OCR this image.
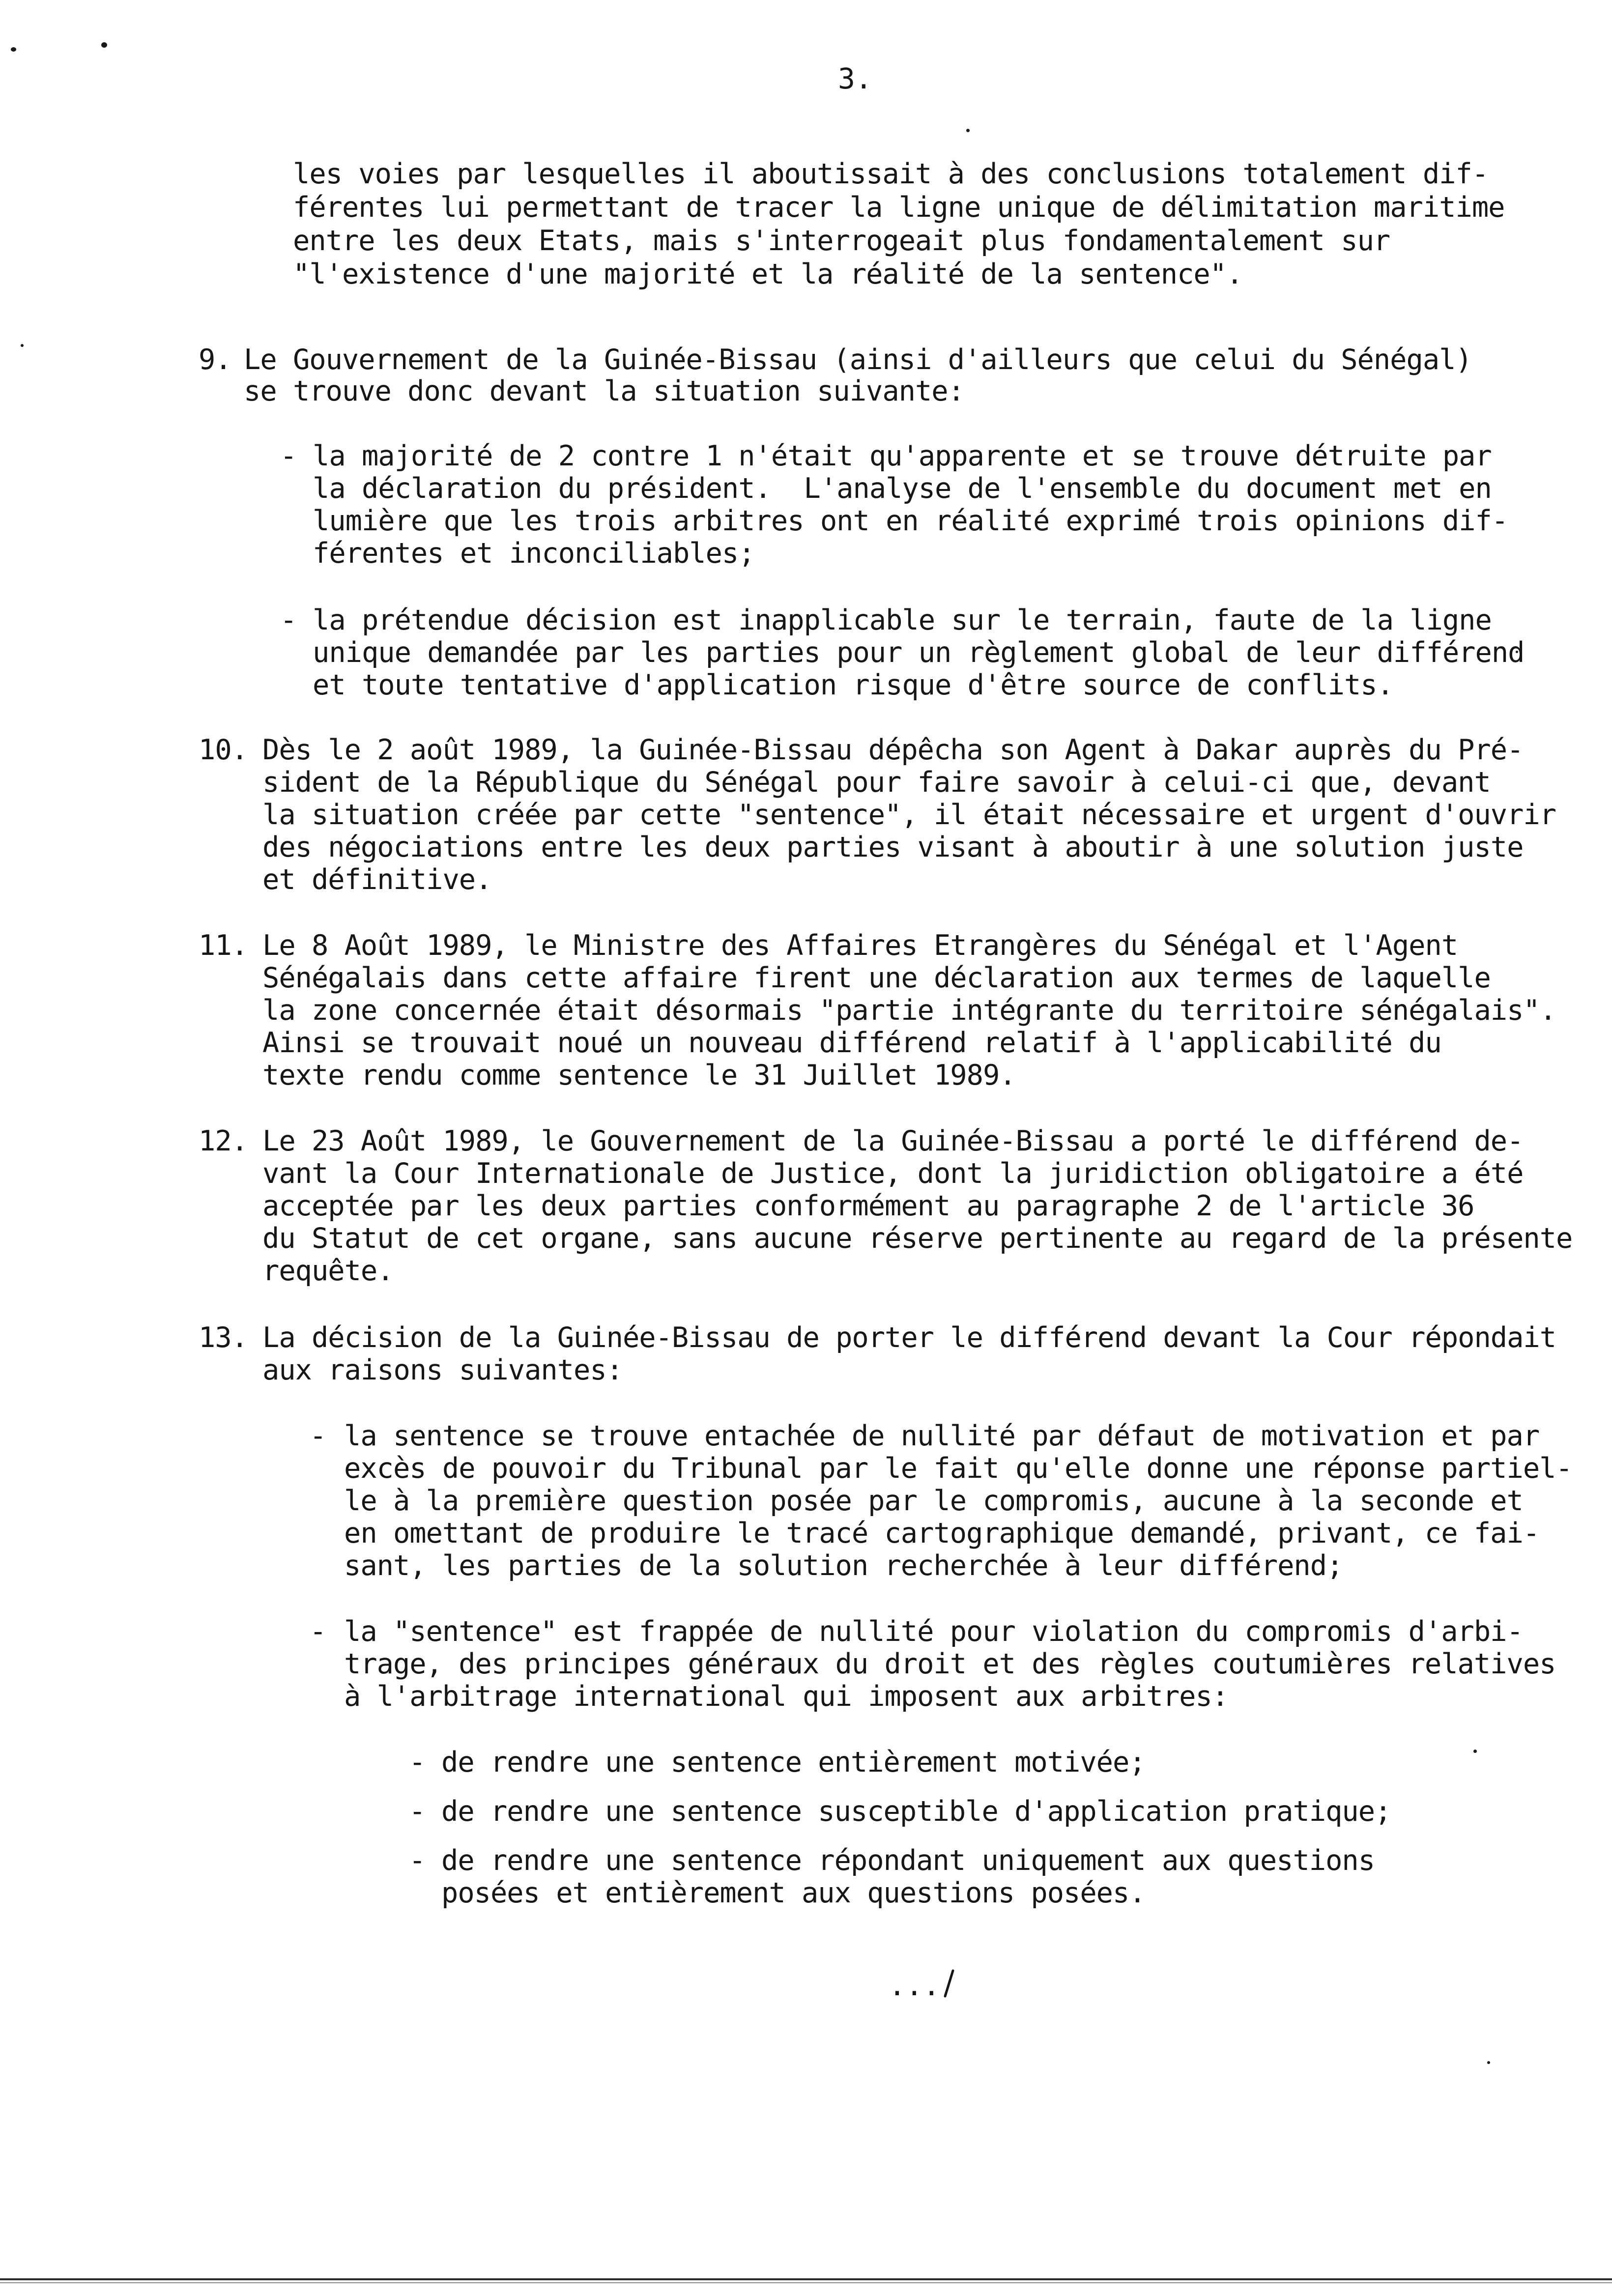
3.
les voies par lesquelles il aboutissait à des conclusions totalement dif-
férentes lui permettant de tracer la ligne unique de délimitation maritime
entre les deux Etats, mais s'interrogeait plus fondamentalement sur
"l'existence d'une majorité et la réalité de la sentence".
9. Le Gouvernement de la Guinée-Bissau (ainsi d'ailleurs que celui du Sénégal)
se trouve donc devant la situation suivante:
- la majorité de 2 contre 1 n'était qu'apparente et se trouve détruite par
la déclaration du président.  L'analyse de l'ensemble du document met en
lumière que les trois arbitres ont en réalité exprimé trois opinions dif-
férentes et inconciliables;
- la prétendue décision est inapplicable sur le terrain, faute de la ligne
unique demandée par les parties pour un règlement global de leur différend
et toute tentative d'application risque d'être source de conflits.
10. Dès le 2 août 1989, la Guinée-Bissau dépêcha son Agent à Dakar auprès du Pré-
sident de la République du Sénégal pour faire savoir à celui-ci que, devant
la situation créée par cette "sentence", il était nécessaire et urgent d'ouvrir
des négociations entre les deux parties visant à aboutir à une solution juste
et définitive.
11. Le 8 Août 1989, le Ministre des Affaires Etrangères du Sénégal et l'Agent
Sénégalais dans cette affaire firent une déclaration aux termes de laquelle
la zone concernée était désormais "partie intégrante du territoire sénégalais".
Ainsi se trouvait noué un nouveau différend relatif à l'applicabilité du
texte rendu comme sentence le 31 Juillet 1989.
12. Le 23 Août 1989, le Gouvernement de la Guinée-Bissau a porté le différend de-
vant la Cour Internationale de Justice, dont la juridiction obligatoire a été
acceptée par les deux parties conformément au paragraphe 2 de l'article 36
du Statut de cet organe, sans aucune réserve pertinente au regard de la présente
requête.
13. La décision de la Guinée-Bissau de porter le différend devant la Cour répondait
aux raisons suivantes:
- la sentence se trouve entachée de nullité par défaut de motivation et par
excès de pouvoir du Tribunal par le fait qu'elle donne une réponse partiel-
le à la première question posée par le compromis, aucune à la seconde et
en omettant de produire le tracé cartographique demandé, privant, ce fai-
sant, les parties de la solution recherchée à leur différend;
- la "sentence" est frappée de nullité pour violation du compromis d'arbi-
trage, des principes généraux du droit et des règles coutumières relatives
à l'arbitrage international qui imposent aux arbitres:
- de rendre une sentence entièrement motivée;
- de rendre une sentence susceptible d'application pratique;
- de rendre une sentence répondant uniquement aux questions
posées et entièrement aux questions posées.
...
